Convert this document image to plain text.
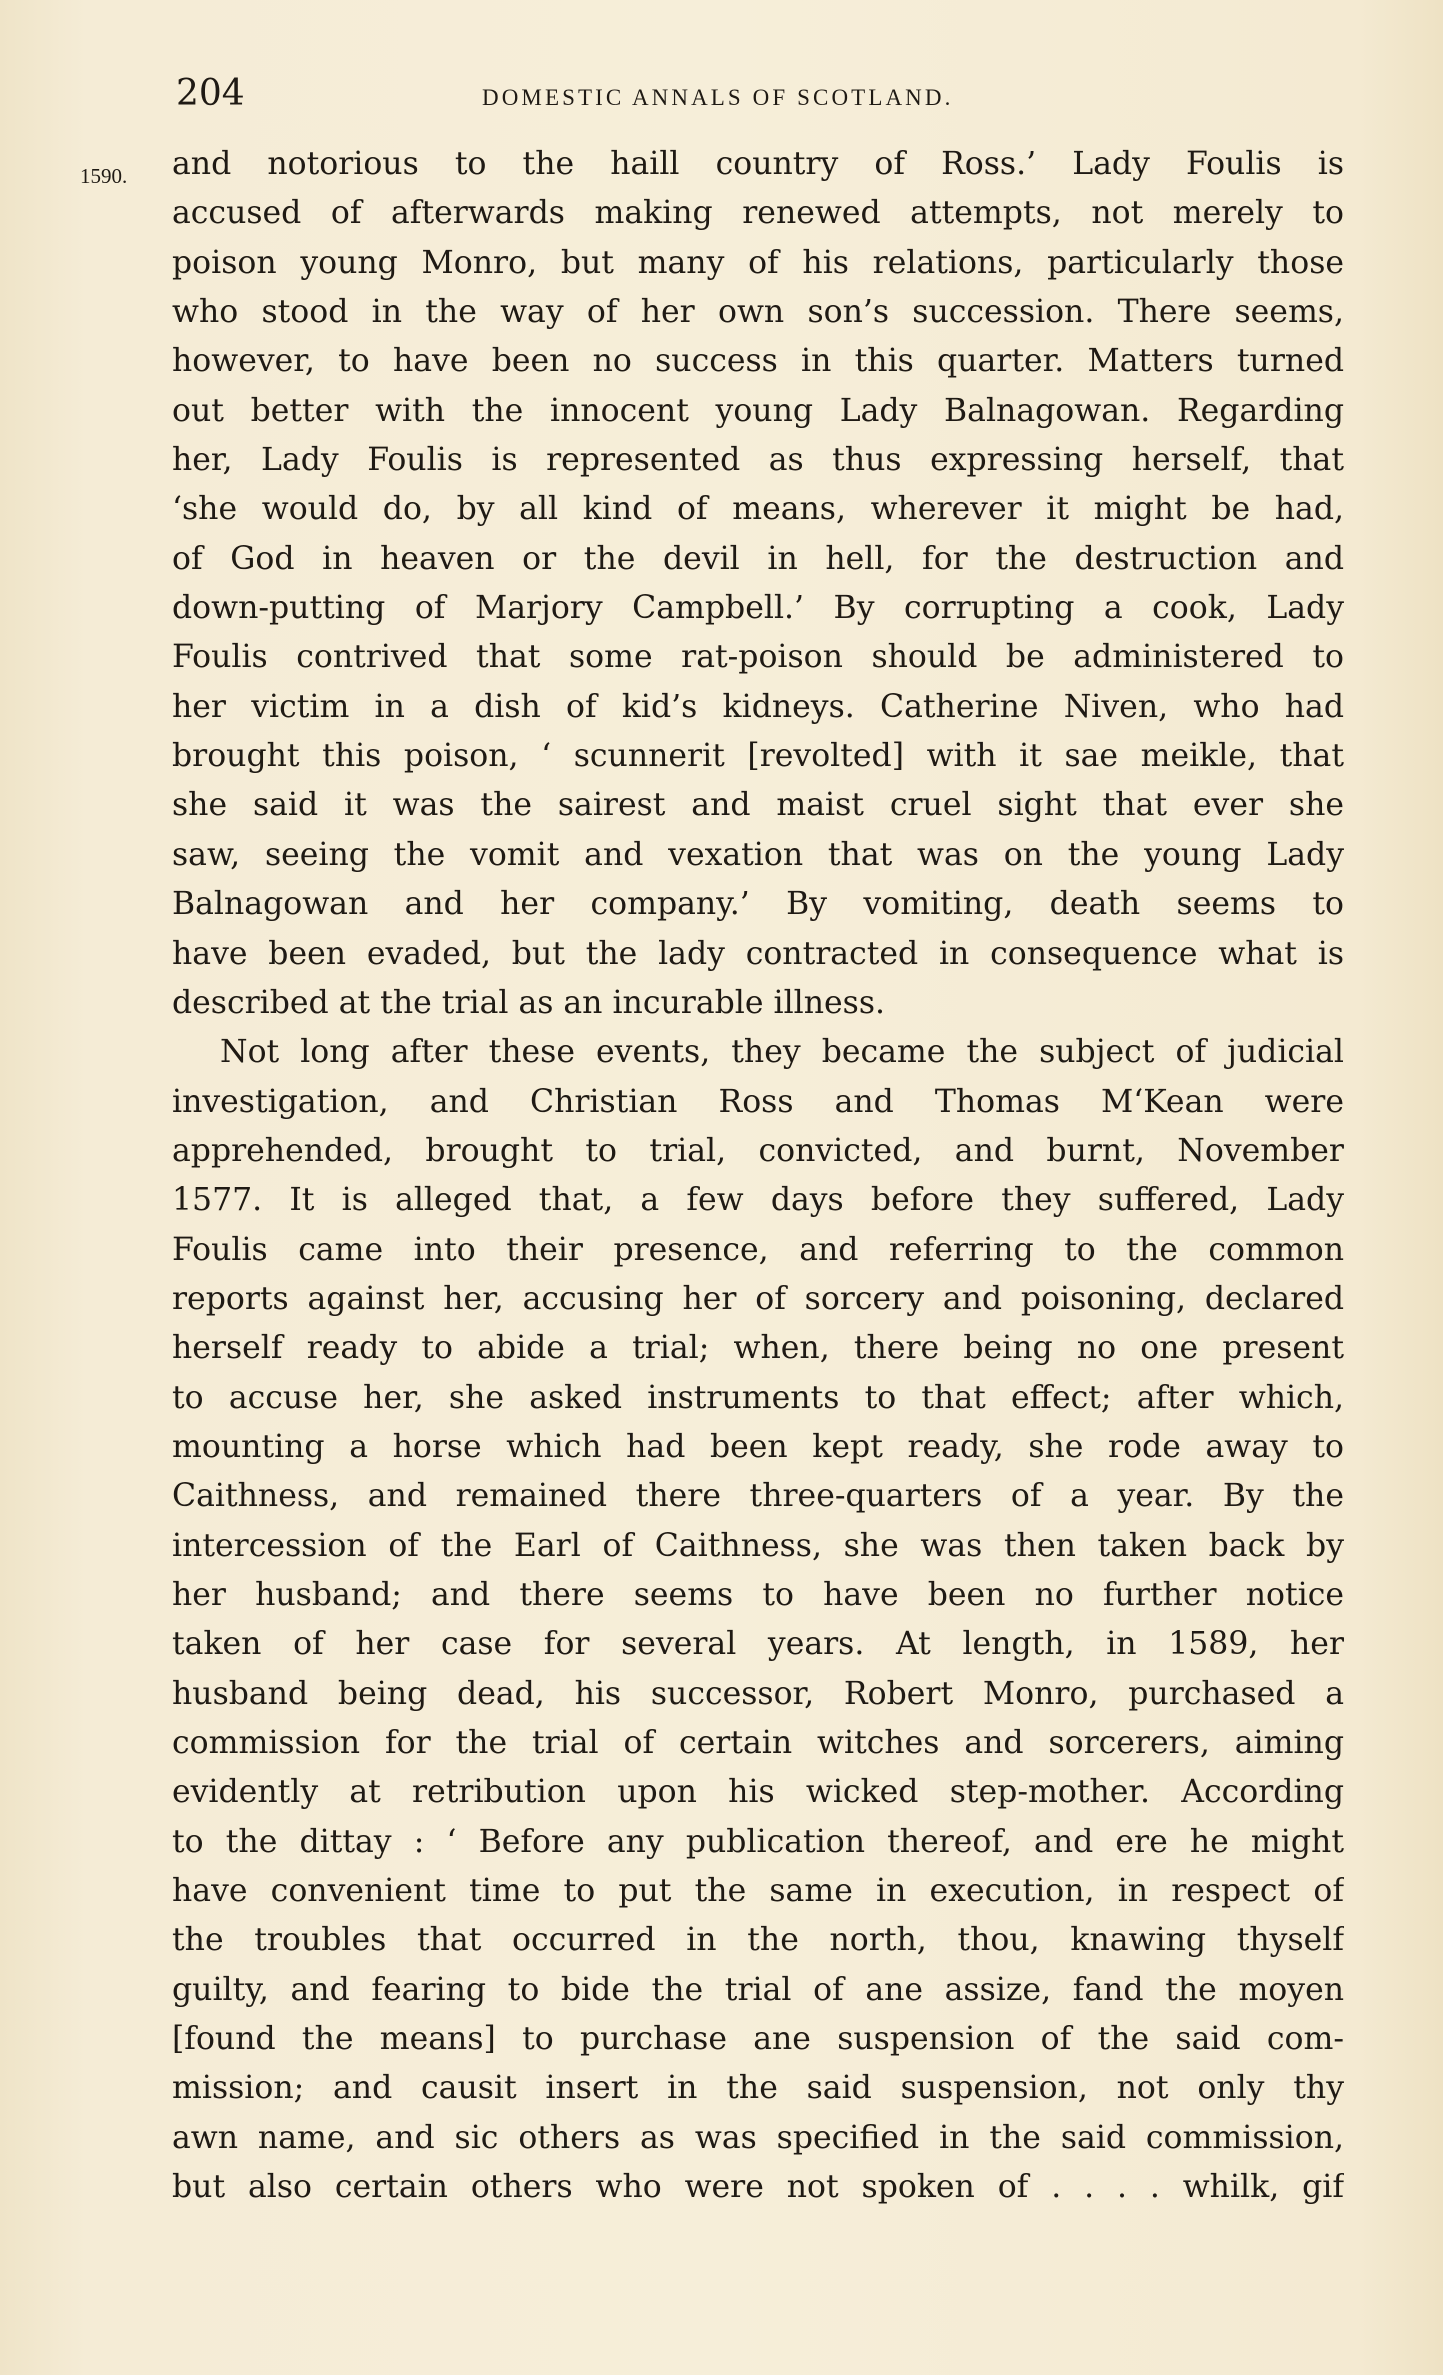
204	DOMESTIC ANNALS OF SCOTLAND.
1590. and notorious to the haill country of Ross.’ Lady Foulis is
accused of afterwards making renewed attempts, not merely to
poison young Monro, but many of his relations, particularly those
who stood in the way of her own son’s succession. There seems,
however, to have been no success in this quarter. Matters turned
out better with the innocent young Lady Balnagowan. Regarding
her, Lady Foulis is represented as thus expressing herself, that
‘she would do, by all kind of means, wherever it might be had,
of God in heaven or the devil in hell, for the destruction and
down-putting of Marjory Campbell.’ By corrupting a cook, Lady
Foulis contrived that some rat-poison should be administered to
her victim in a dish of kid’s kidneys. Catherine Niven, who had
brought this poison, ‘ scunnerit [revolted] with it sae meikle, that
she said it was the sairest and maist cruel sight that ever she
saw, seeing the vomit and vexation that was on the young Lady
Balnagowan and her company.’ By vomiting, death seems to
have been evaded, but the lady contracted in consequence what is
described at the trial as an incurable illness.
Not long after these events, they became the subject of judicial
investigation, and Christian Ross and Thomas M‘Kean were
apprehended, brought to trial, convicted, and burnt, November
1577. It is alleged that, a few days before they suffered, Lady
Foulis came into their presence, and referring to the common
reports against her, accusing her of sorcery and poisoning, declared
herself ready to abide a trial; when, there being no one present
to accuse her, she asked instruments to that effect; after which,
mounting a horse which had been kept ready, she rode away to
Caithness, and remained there three-quarters of a year. By the
intercession of the Earl of Caithness, she was then taken back by
her husband; and there seems to have been no further notice
taken of her case for several years. At length, in 1589, her
husband being dead, his successor, Robert Monro, purchased a
commission for the trial of certain witches and sorcerers, aiming
evidently at retribution upon his wicked step-mother. According
to the dittay : ‘ Before any publication thereof, and ere he might
have convenient time to put the same in execution, in respect of
the troubles that occurred in the north, thou, knawing thyself
guilty, and fearing to bide the trial of ane assize, fand the moyen
[found the means] to purchase ane suspension of the said com-
mission; and causit insert in the said suspension, not only thy
awn name, and sic others as was specified in the said commission,
but also certain others who were not spoken of . . . . whilk, gif
